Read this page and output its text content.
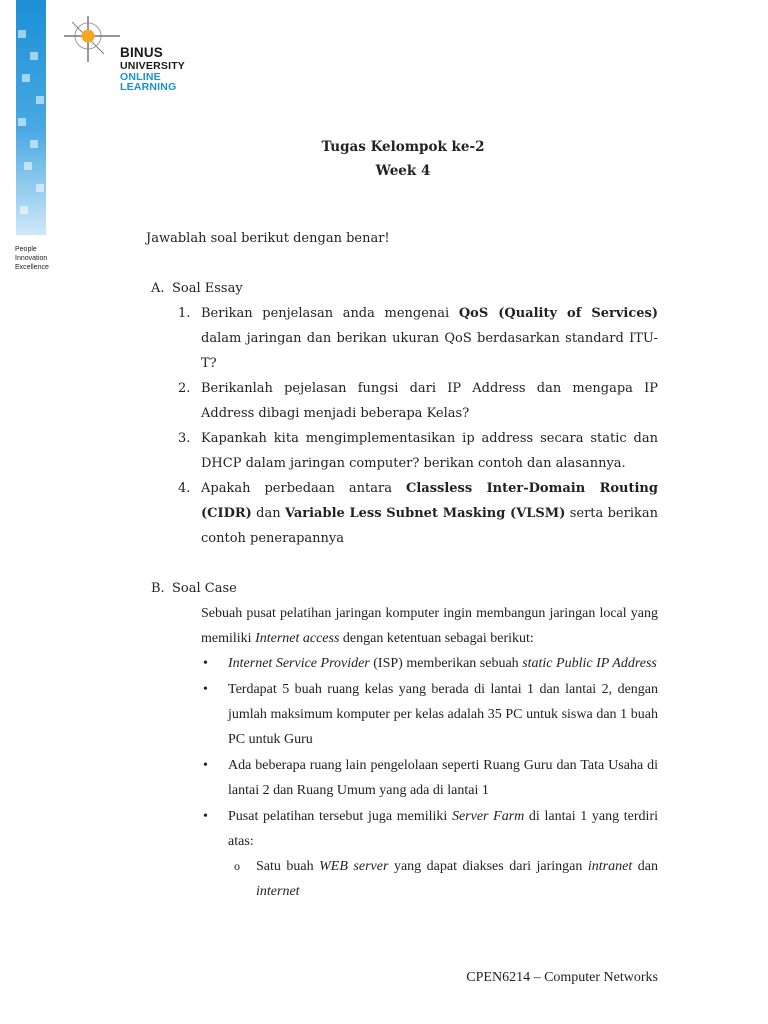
BINUS
UNIVERSITY
ONLINE
LEARNING
People
Innovation
Excellence
Tugas Kelompok ke-2
Week 4

Jawablah soal berikut dengan benar!

A. Soal Essay
1. Berikan penjelasan anda mengenai QoS (Quality of Services) dalam jaringan dan berikan ukuran QoS berdasarkan standard ITU-T?
2. Berikanlah pejelasan fungsi dari IP Address dan mengapa IP Address dibagi menjadi beberapa Kelas?
3. Kapankah kita mengimplementasikan ip address secara static dan DHCP dalam jaringan computer? berikan contoh dan alasannya.
4. Apakah perbedaan antara Classless Inter-Domain Routing (CIDR) dan Variable Less Subnet Masking (VLSM) serta berikan contoh penerapannya
B. Soal Case

Sebuah pusat pelatihan jaringan komputer ingin membangun jaringan local yang memiliki Internet access dengan ketentuan sebagai berikut:

• Internet Service Provider (ISP) memberikan sebuah static Public IP Address
• Terdapat 5 buah ruang kelas yang berada di lantai 1 dan lantai 2, dengan jumlah maksimum komputer per kelas adalah 35 PC untuk siswa dan 1 buah PC untuk Guru
• Ada beberapa ruang lain pengelolaan seperti Ruang Guru dan Tata Usaha di lantai 2 dan Ruang Umum yang ada di lantai 1
• Pusat pelatihan tersebut juga memiliki Server Farm di lantai 1 yang terdiri atas:
o Satu buah WEB server yang dapat diakses dari jaringan intranet dan internet
CPEN6214 – Computer Networks
